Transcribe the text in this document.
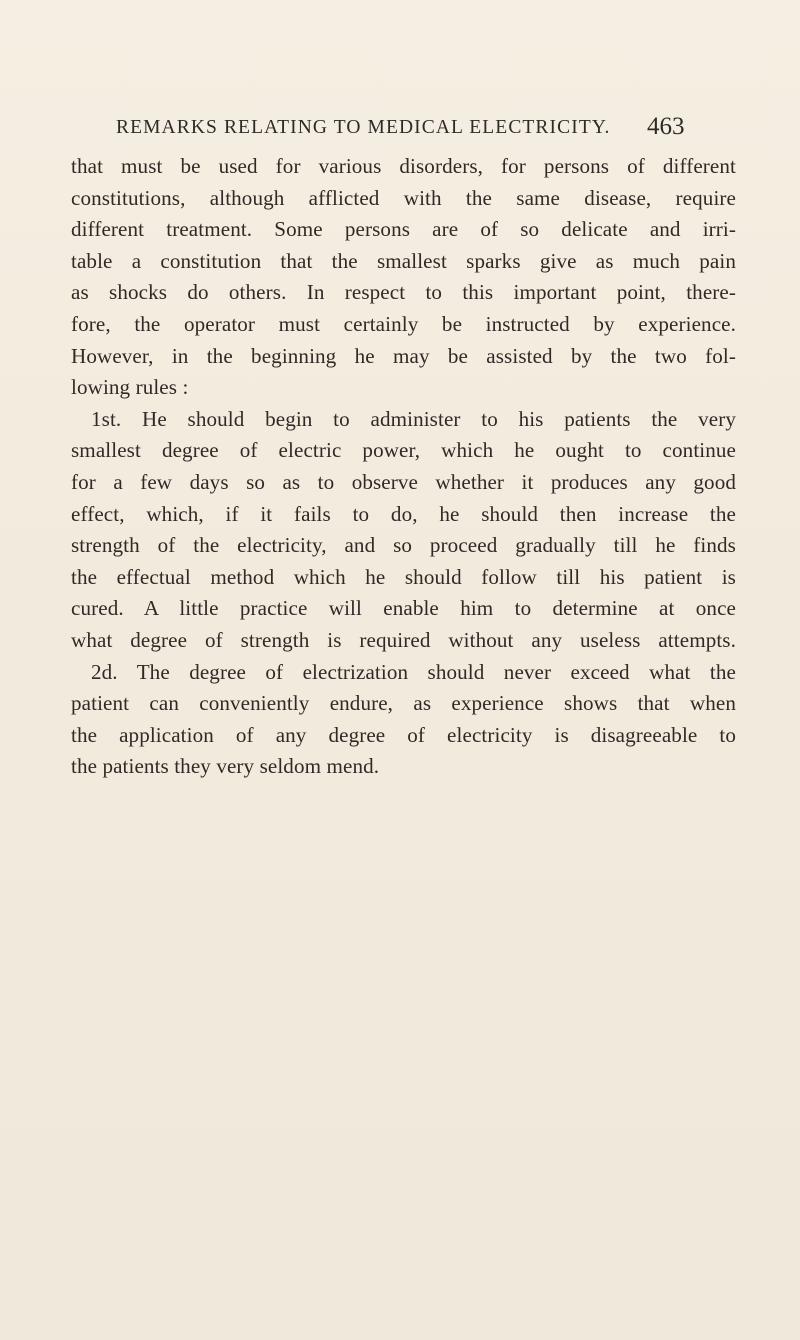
REMARKS RELATING TO MEDICAL ELECTRICITY. 463
that must be used for various disorders, for persons of different
constitutions, although afflicted with the same disease, require
different treatment. Some persons are of so delicate and irri-
table a constitution that the smallest sparks give as much pain
as shocks do others. In respect to this important point, there-
fore, the operator must certainly be instructed by experience.
However, in the beginning he may be assisted by the two fol-
lowing rules :
1st. He should begin to administer to his patients the very
smallest degree of electric power, which he ought to continue
for a few days so as to observe whether it produces any good
effect, which, if it fails to do, he should then increase the
strength of the electricity, and so proceed gradually till he finds
the effectual method which he should follow till his patient is
cured. A little practice will enable him to determine at once
what degree of strength is required without any useless attempts.
2d. The degree of electrization should never exceed what the
patient can conveniently endure, as experience shows that when
the application of any degree of electricity is disagreeable to
the patients they very seldom mend.
